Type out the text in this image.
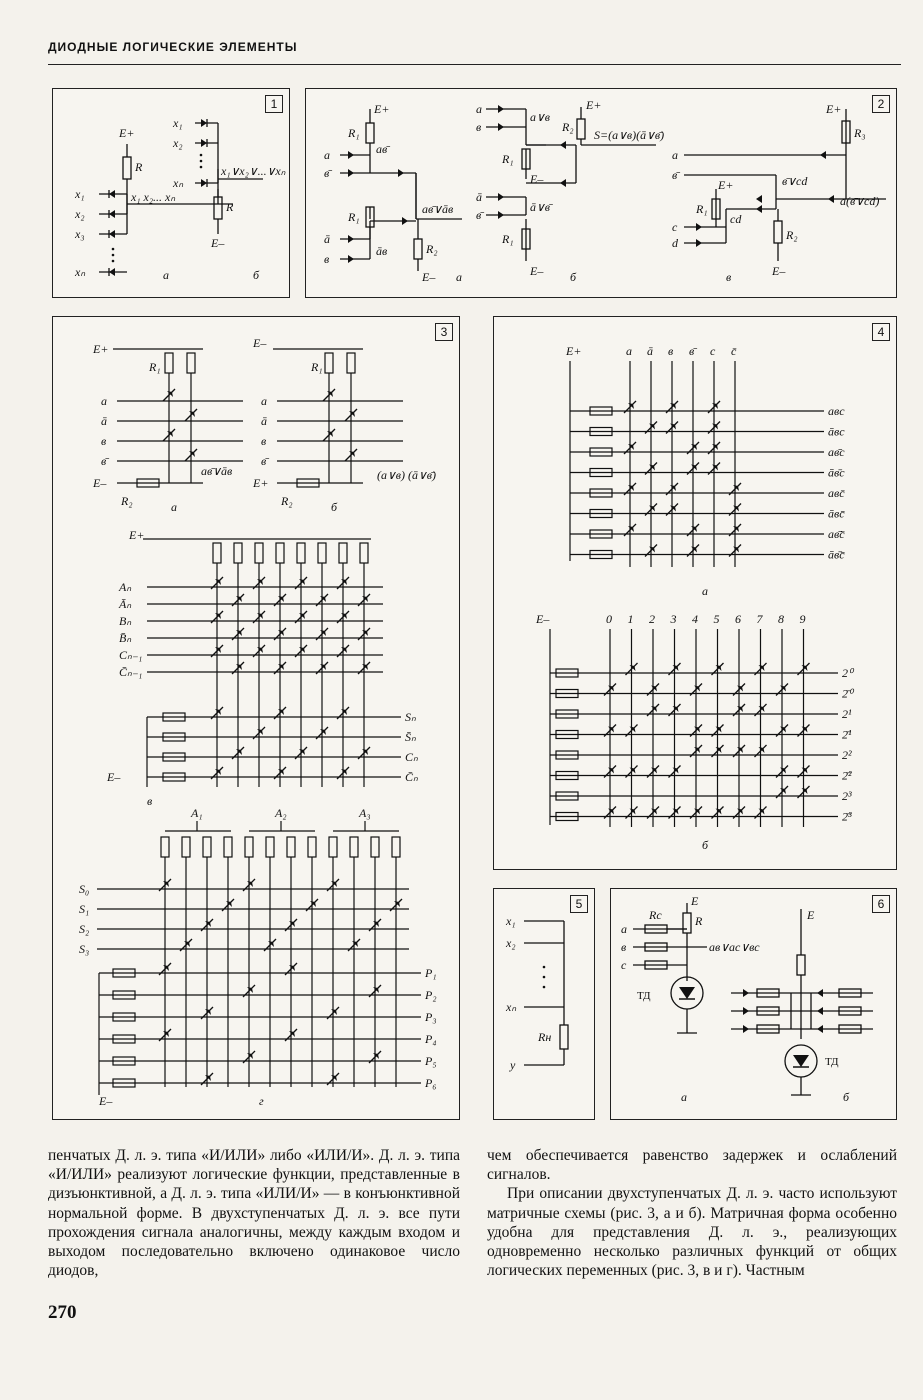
ДИОДНЫЕ ЛОГИЧЕСКИЕ ЭЛЕМЕНТЫ
1
E+
R
x₁
x₂
x₃
xₙ
x₁ x₂... xₙ
x₁
x₂
xₙ
x₁∨x₂∨...∨xₙ
R
E–
а	б
2
E+
R₁
a
в̄
aв̄
R₁
ā
в
āв
aв̄∨āв
R₂
E– а
a
в
a∨в
R₁
E+
R₂
S=(a∨в)(ā∨в̄)
E–
ā
в̄
ā∨в̄
R₁
E– б
E+
R₃
a
в̄
E+	в̄∨cd
R₁
cd
c
d
R₂
a(в̄∨cd)
E–
в
3
E+
R₁
E–
R₁
E–
R₂
aв̄∨āв
E+
R₂
(a∨в) (ā∨в̄)
а	б
E+
E–
в
E–	г
a
ā
в
в̄
a
ā
в
в̄
Aₙ
Āₙ
Bₙ
B̄ₙ
Cₙ₋₁
C̄ₙ₋₁
Sₙ
S̄ₙ
Cₙ
C̄ₙ
A₁	A₂	A₃
S₀
S₁
S₂
S₃
P₁
P₂
P₃
P₄
P₅
P₆
4
E+
а
E–
б
a ā в в̄ c c̄
aвc
āвc
aв̄c
āв̄c
aвc̄
āвc̄
aв̄c̄
āв̄c̄
0 1 2 3 4 5 6 7 8 9
2⁰
2̄⁰
2¹
2̄¹
2²
2̄²
2³
2̄³
5
x₁
x₂
xₙ
Rн
y
6
E
R
Rc
a
в
c
aв∨ac∨вc
ТД
E
ТД
а	б

пенчатых Д. л. э. типа «И/ИЛИ» либо «ИЛИ/И». Д. л. э. типа «И/ИЛИ» реализуют логические функции, представленные в дизъюнктивной, а Д. л. э. типа «ИЛИ/И» — в конъюнктивной нормальной форме. В двухступенчатых Д. л. э. все пути прохождения сигнала аналогичны, между каждым входом и выходом последовательно включено одинаковое число диодов,

чем обеспечивается равенство задержек и ослаблений сигналов.

При описании двухступенчатых Д. л. э. часто используют матричные схемы (рис. 3, а и б). Матричная форма особенно удобна для представления Д. л. э., реализующих одновременно несколько различных функций от общих логических переменных (рис. 3, в и г). Частным

270
